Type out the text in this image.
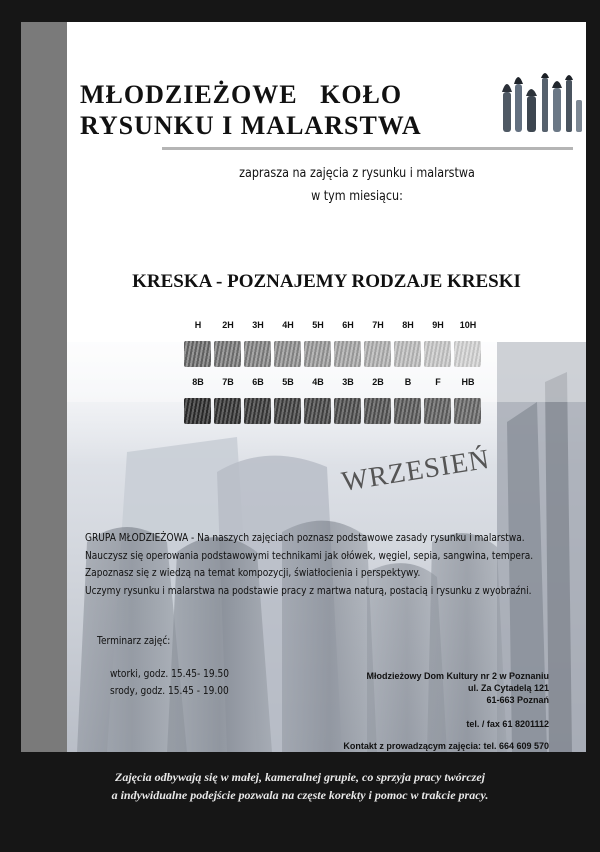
MŁODZIEŻOWE   KOŁO
RYSUNKU I MALARSTWA
zaprasza na zajęcia z rysunku i malarstwa
w tym miesiącu:
KRESKA - POZNAJEMY RODZAJE KRESKI
H	2H	3H	4H	5H	6H	7H	8H	9H	10H
8B	7B	6B	5B	4B	3B	2B	B	F	HB
WRZESIEŃ
GRUPA MŁODZIEŻOWA - Na naszych zajęciach poznasz podstawowe zasady rysunku i malarstwa.
Nauczysz się operowania podstawowymi technikami jak ołówek, węgiel, sepia, sangwina, tempera.
Zapoznasz się z wiedzą na temat kompozycji, światłocienia i perspektywy.
Uczymy rysunku i malarstwa na podstawie pracy z martwa naturą, postacią i rysunku z wyobraźni.
Terminarz zajęć:
wtorki, godz. 15.45- 19.50
srody, godz. 15.45 - 19.00
Młodzieżowy Dom Kultury nr 2 w Poznaniu
ul. Za Cytadelą 121
61-663 Poznań
tel. / fax 61 8201112
Kontakt z prowadzącym zajęcia: tel. 664 609 570
Zajęcia odbywają się w małej, kameralnej grupie, co sprzyja pracy twórczej
a indywidualne podejście pozwala na częste korekty i pomoc w trakcie pracy.
